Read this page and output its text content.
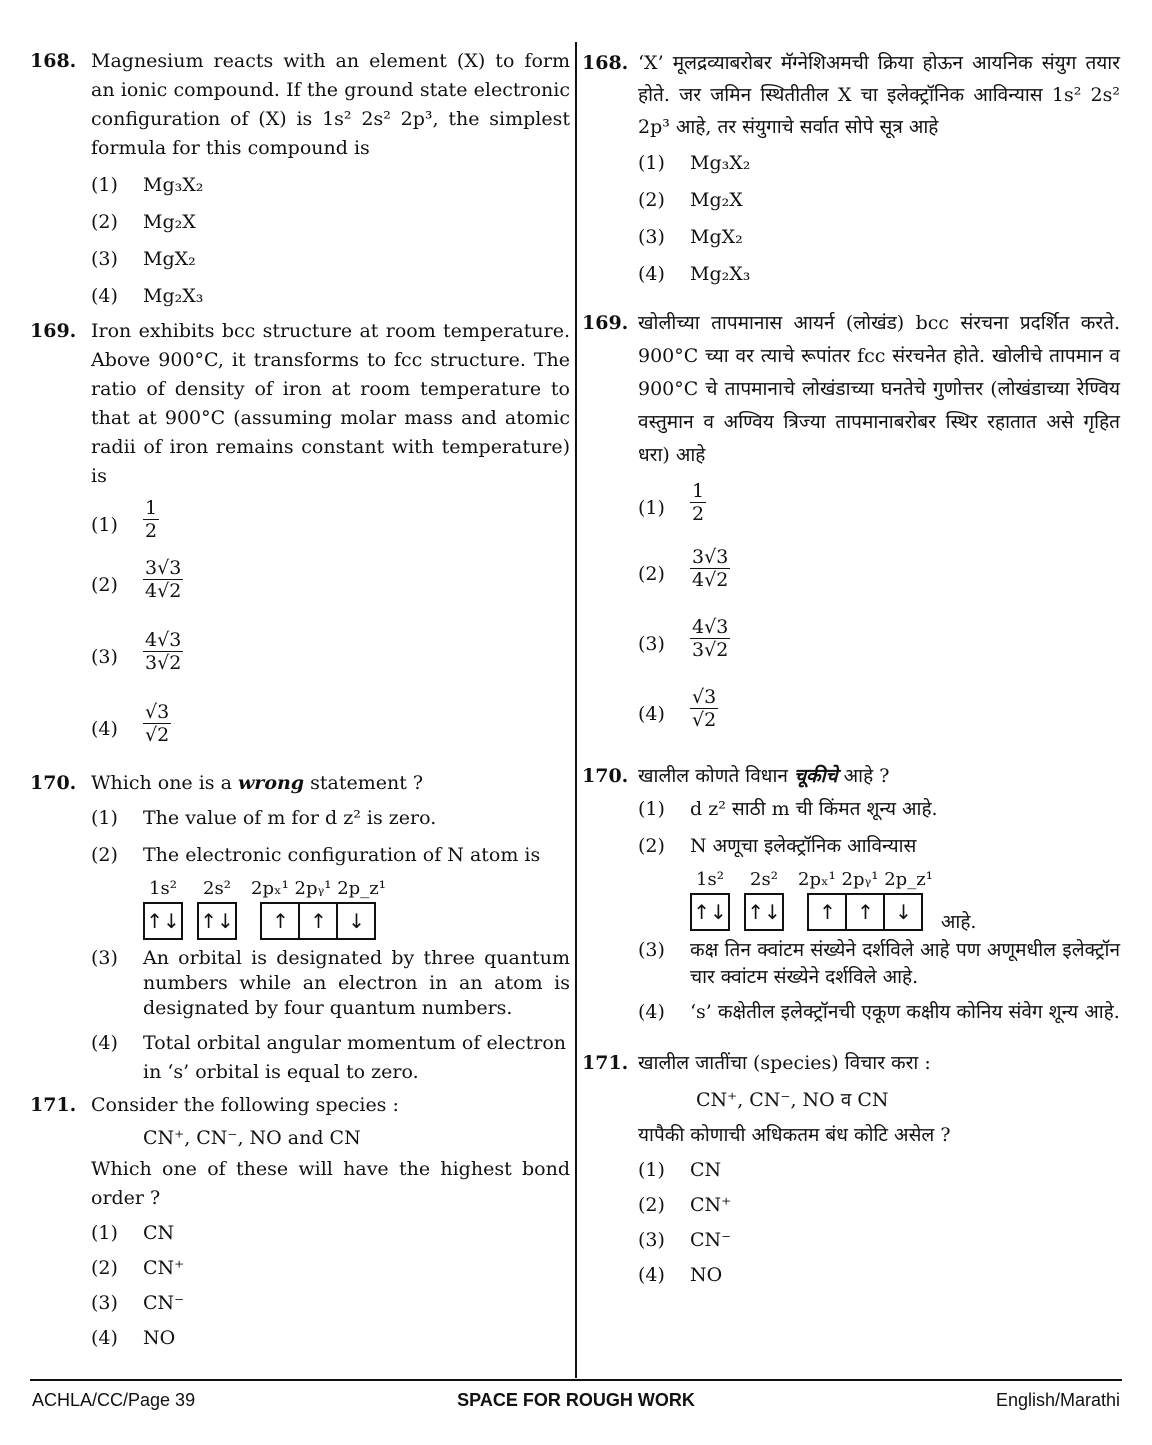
168. Magnesium reacts with an element (X) to form an ionic compound. If the ground state electronic configuration of (X) is 1s² 2s² 2p³, the simplest formula for this compound is
(1) Mg₃X₂
(2) Mg₂X
(3) MgX₂
(4) Mg₂X₃
169. Iron exhibits bcc structure at room temperature. Above 900°C, it transforms to fcc structure. The ratio of density of iron at room temperature to that at 900°C (assuming molar mass and atomic radii of iron remains constant with temperature) is
$(1) \frac{1}{2}$
$(2) \frac{3√3}{4√2}$
$(3) \frac{4√3}{3√2}$
$(4) \frac{√3}{√2}$
170. Which one is a wrong statement ?
(1) The value of m for d z² is zero.
(2) The electronic configuration of N atom is
1s²
↑↓
2s²
↑↓
2pₓ¹ 2pᵧ¹ 2p_z¹
↑	↑	↓
(3) An orbital is designated by three quantum numbers while an electron in an atom is designated by four quantum numbers.
(4) Total orbital angular momentum of electron in ‘s’ orbital is equal to zero.
171. Consider the following species :
CN⁺, CN⁻, NO and CN
Which one of these will have the highest bond order ?
(1) CN
(2) CN⁺
(3) CN⁻
(4) NO
168. ‘X’ मूलद्रव्याबरोबर मॅग्नेशिअमची क्रिया होऊन आयनिक संयुग तयार होते. जर जमिन स्थितीतील X चा इलेक्ट्रॉनिक आविन्यास 1s² 2s² 2p³ आहे, तर संयुगाचे सर्वात सोपे सूत्र आहे
(1) Mg₃X₂
(2) Mg₂X
(3) MgX₂
(4) Mg₂X₃
169. खोलीच्या तापमानास आयर्न (लोखंड) bcc संरचना प्रदर्शित करते. 900°C च्या वर त्याचे रूपांतर fcc संरचनेत होते. खोलीचे तापमान व 900°C चे तापमानाचे लोखंडाच्या घनतेचे गुणोत्तर (लोखंडाच्या रेण्विय वस्तुमान व अण्विय त्रिज्या तापमानाबरोबर स्थिर रहातात असे गृहित धरा) आहे
$(1) \frac{1}{2}$
$(2) \frac{3√3}{4√2}$
$(3) \frac{4√3}{3√2}$
$(4) \frac{√3}{√2}$
170. खालील कोणते विधान चूकीचे आहे ?
(1) d z² साठी m ची किंमत शून्य आहे.
(2) N अणूचा इलेक्ट्रॉनिक आविन्यास
1s²
↑↓
2s²
↑↓
2pₓ¹ 2pᵧ¹ 2p_z¹
↑	↑	↓	आहे.
(3) कक्ष तिन क्वांटम संख्येने दर्शविले आहे पण अणूमधील इलेक्ट्रॉन चार क्वांटम संख्येने दर्शविले आहे.
(4) ‘s’ कक्षेतील इलेक्ट्रॉनची एकूण कक्षीय कोनिय संवेग शून्य आहे.
171. खालील जातींचा (species) विचार करा :
CN⁺, CN⁻, NO व CN
यापैकी कोणाची अधिकतम बंध कोटि असेल ?
(1) CN
(2) CN⁺
(3) CN⁻
(4) NO
ACHLA/CC/Page 39	SPACE FOR ROUGH WORK	English/Marathi
